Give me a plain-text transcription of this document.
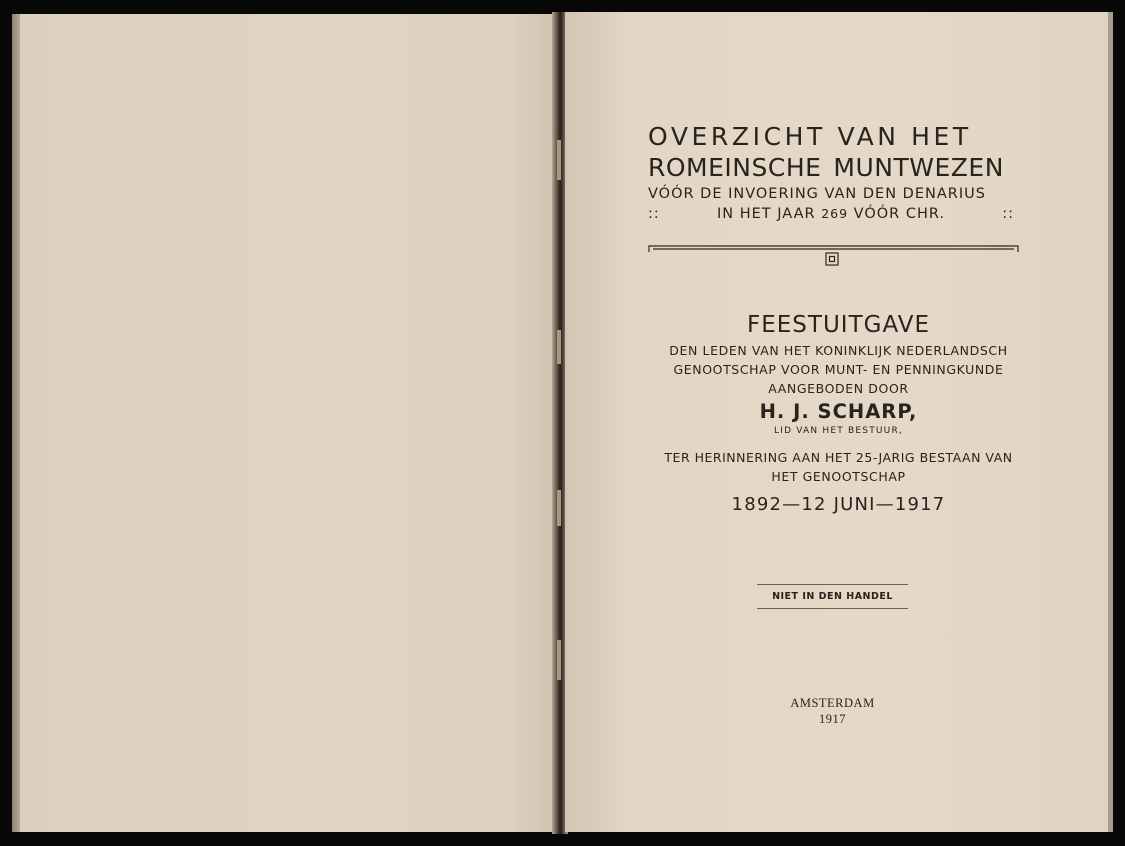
OVERZICHT VAN HET
ROMEINSCHE MUNTWEZEN
VÓÓR DE INVOERING VAN DEN DENARIUS
::	IN HET JAAR 269 VÓÓR CHR.	::
FEESTUITGAVE
DEN LEDEN VAN HET KONINKLIJK NEDERLANDSCH
GENOOTSCHAP VOOR MUNT- EN PENNINGKUNDE
AANGEBODEN DOOR
H. J. SCHARP,
LID VAN HET BESTUUR,
TER HERINNERING AAN HET 25-JARIG BESTAAN VAN
HET GENOOTSCHAP
1892—12 JUNI—1917
NIET IN DEN HANDEL
AMSTERDAM
1917
